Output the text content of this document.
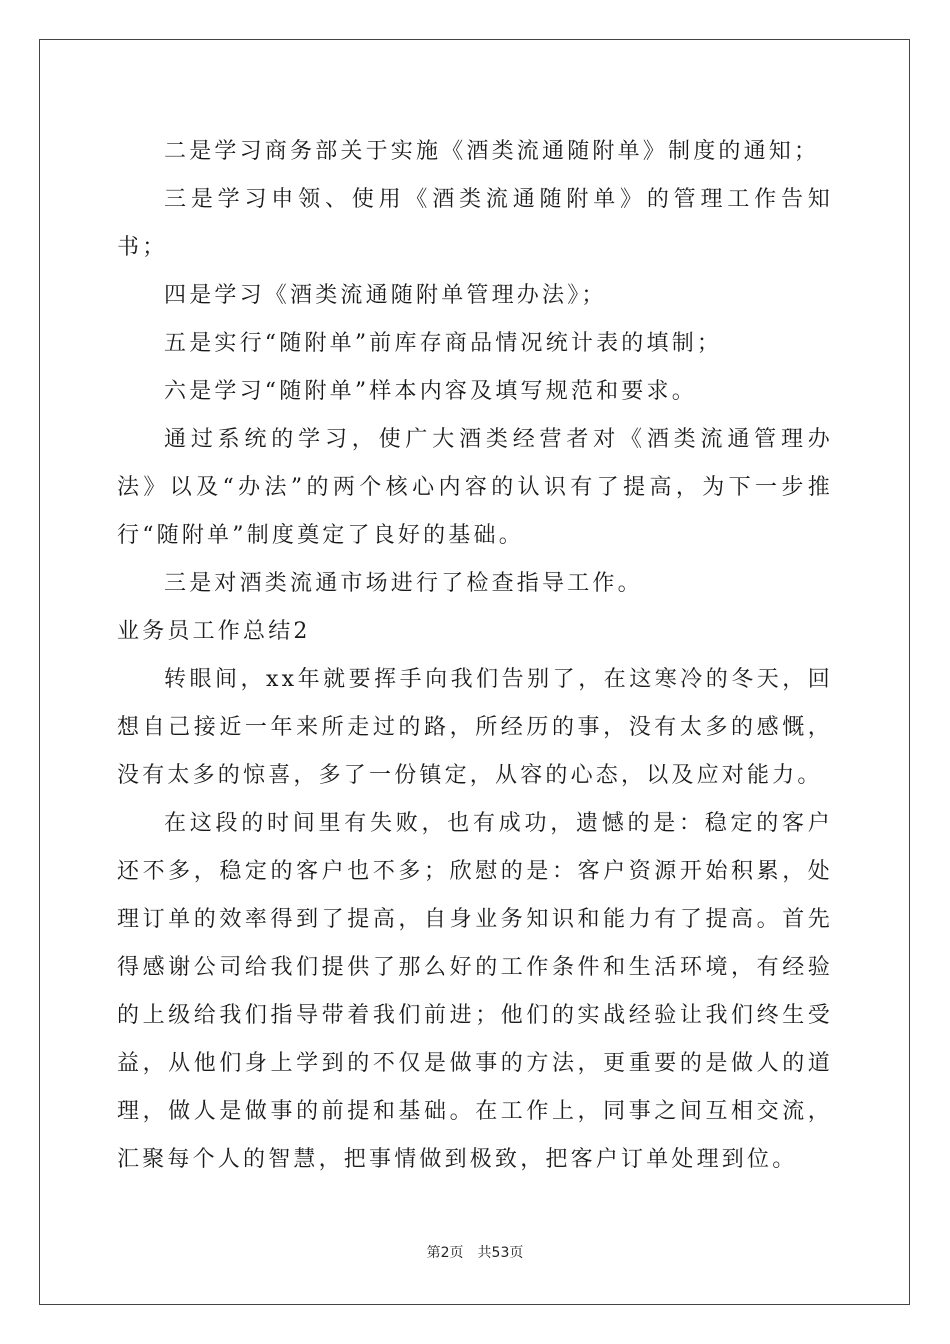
二是学习商务部关于实施《酒类流通随附单》制度的通知；

三是学习申领、使用《酒类流通随附单》的管理工作告知书；

四是学习《酒类流通随附单管理办法》；

五是实行“随附单”前库存商品情况统计表的填制；

六是学习“随附单”样本内容及填写规范和要求。

通过系统的学习，使广大酒类经营者对《酒类流通管理办法》以及“办法”的两个核心内容的认识有了提高，为下一步推行“随附单”制度奠定了良好的基础。

三是对酒类流通市场进行了检查指导工作。

业务员工作总结2

转眼间，xx年就要挥手向我们告别了，在这寒冷的冬天，回想自己接近一年来所走过的路，所经历的事，没有太多的感慨，没有太多的惊喜，多了一份镇定，从容的心态，以及应对能力。

在这段的时间里有失败，也有成功，遗憾的是：稳定的客户还不多，稳定的客户也不多；欣慰的是：客户资源开始积累，处理订单的效率得到了提高，自身业务知识和能力有了提高。首先得感谢公司给我们提供了那么好的工作条件和生活环境，有经验的上级给我们指导带着我们前进；他们的实战经验让我们终生受益，从他们身上学到的不仅是做事的方法，更重要的是做人的道理，做人是做事的前提和基础。在工作上，同事之间互相交流，汇聚每个人的智慧，把事情做到极致，把客户订单处理到位。

第2页 共53页
